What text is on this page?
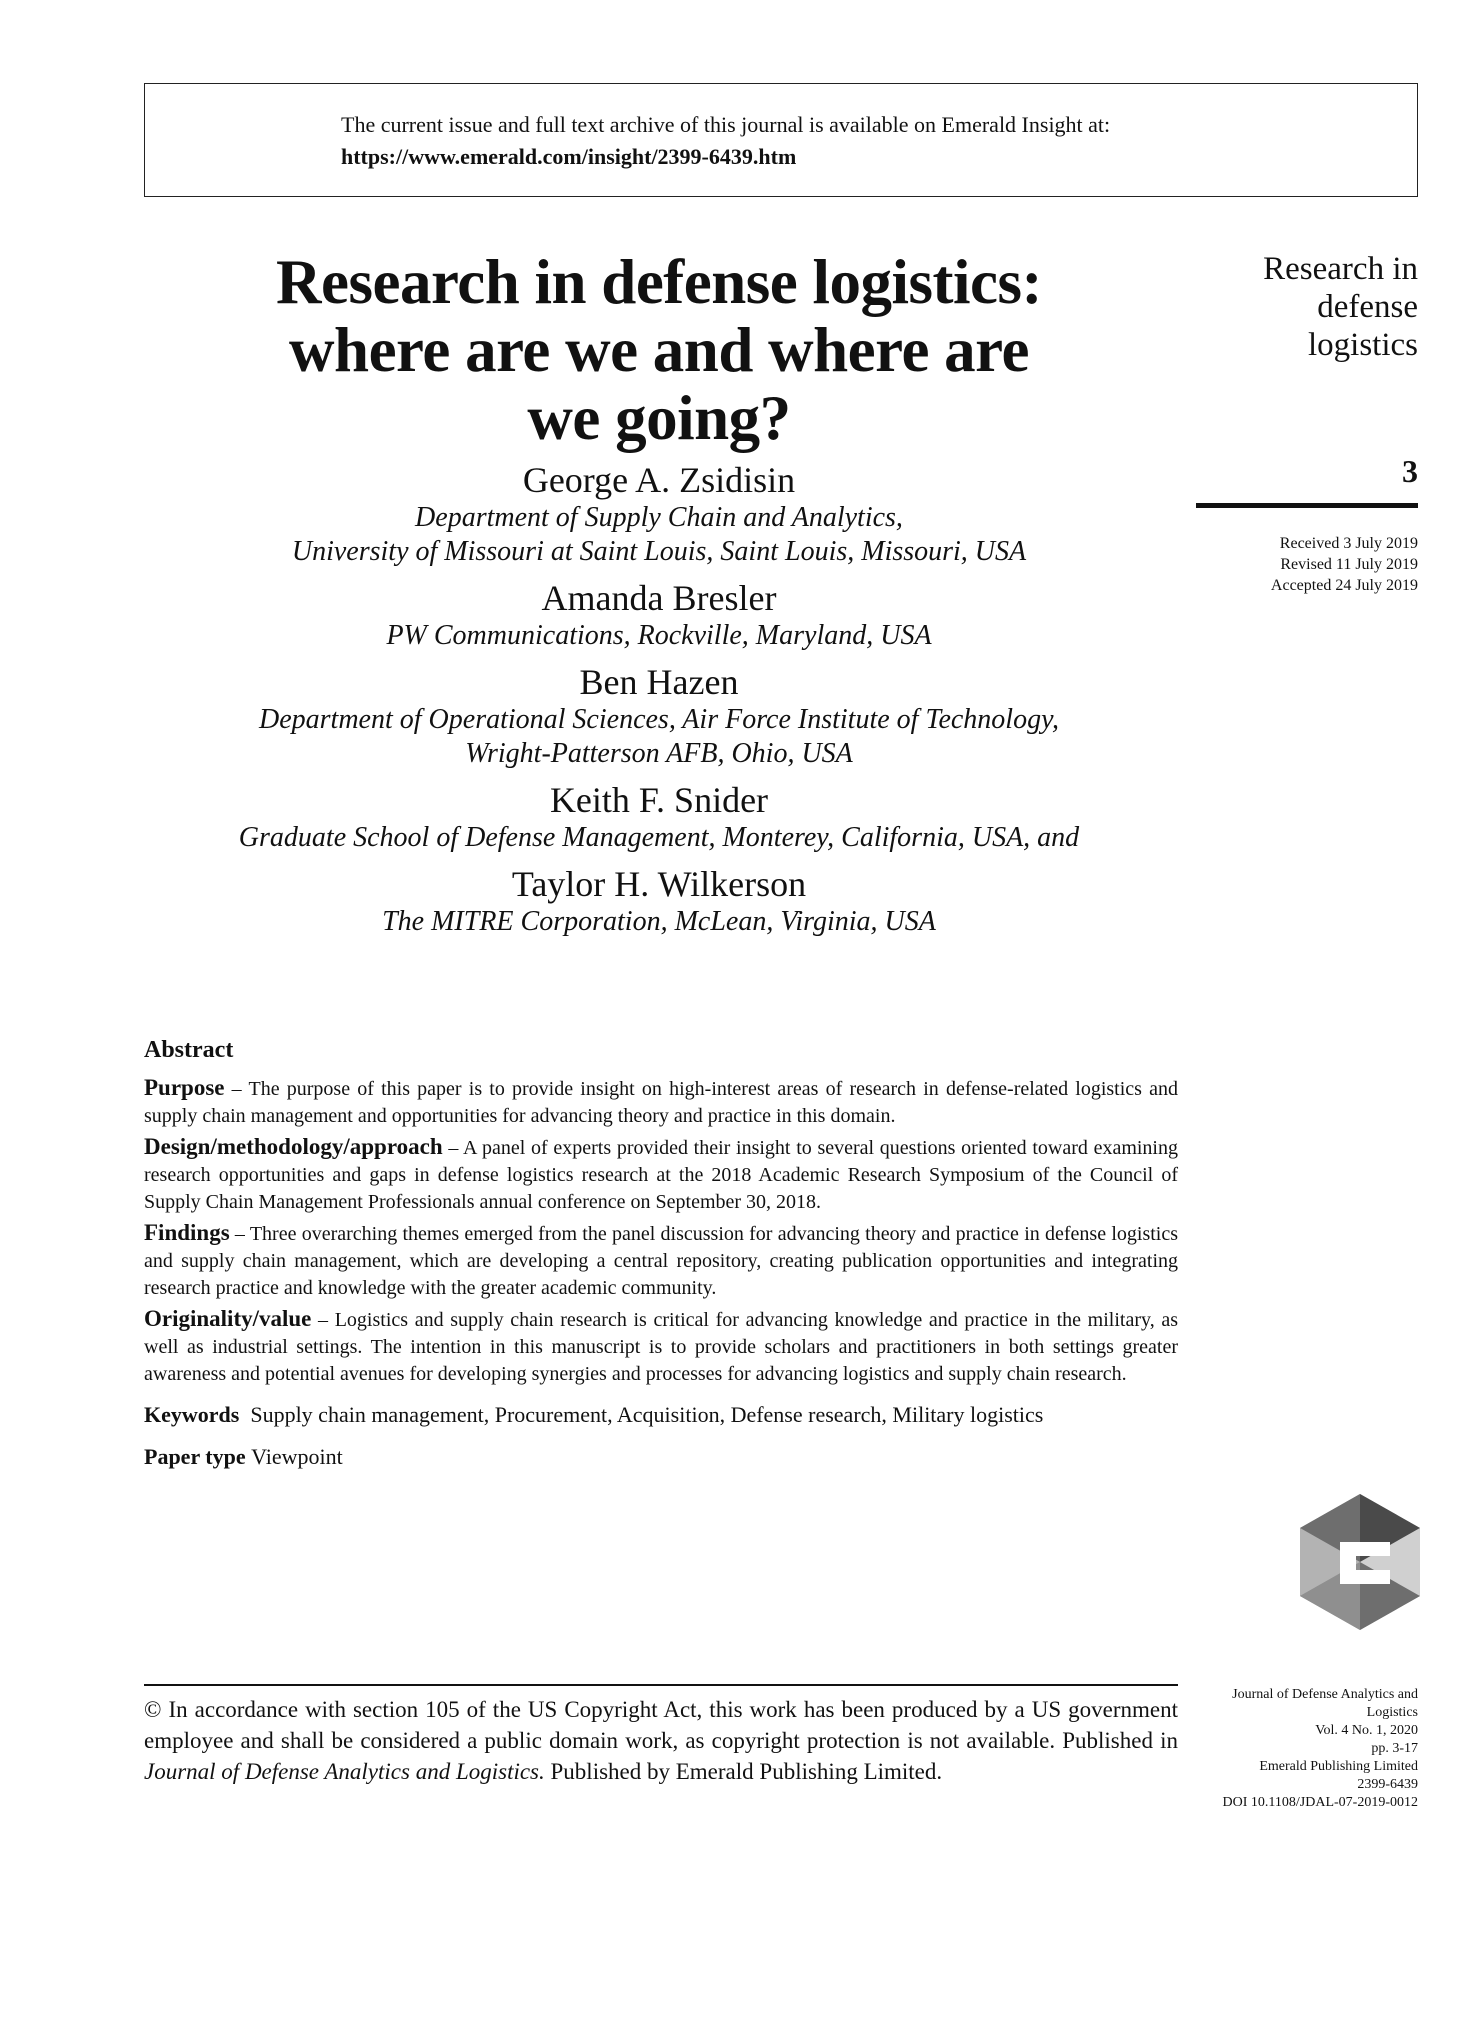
The current issue and full text archive of this journal is available on Emerald Insight at:
https://www.emerald.com/insight/2399-6439.htm
Research in defense logistics:
where are we and where are
we going?
George A. Zsidisin
Department of Supply Chain and Analytics,
University of Missouri at Saint Louis, Saint Louis, Missouri, USA
Amanda Bresler
PW Communications, Rockville, Maryland, USA
Ben Hazen
Department of Operational Sciences, Air Force Institute of Technology,
Wright-Patterson AFB, Ohio, USA
Keith F. Snider
Graduate School of Defense Management, Monterey, California, USA, and
Taylor H. Wilkerson
The MITRE Corporation, McLean, Virginia, USA
Research in
defense
logistics
3
Received 3 July 2019
Revised 11 July 2019
Accepted 24 July 2019
Abstract
Purpose – The purpose of this paper is to provide insight on high-interest areas of research in defense-related logistics and supply chain management and opportunities for advancing theory and practice in this domain.
Design/methodology/approach – A panel of experts provided their insight to several questions oriented toward examining research opportunities and gaps in defense logistics research at the 2018 Academic Research Symposium of the Council of Supply Chain Management Professionals annual conference on September 30, 2018.
Findings – Three overarching themes emerged from the panel discussion for advancing theory and practice in defense logistics and supply chain management, which are developing a central repository, creating publication opportunities and integrating research practice and knowledge with the greater academic community.
Originality/value – Logistics and supply chain research is critical for advancing knowledge and practice in the military, as well as industrial settings. The intention in this manuscript is to provide scholars and practitioners in both settings greater awareness and potential avenues for developing synergies and processes for advancing logistics and supply chain research.
Keywords Supply chain management, Procurement, Acquisition, Defense research, Military logistics
Paper type Viewpoint
© In accordance with section 105 of the US Copyright Act, this work has been produced by a US government employee and shall be considered a public domain work, as copyright protection is not available. Published in Journal of Defense Analytics and Logistics. Published by Emerald Publishing Limited.
Journal of Defense Analytics and
Logistics
Vol. 4 No. 1, 2020
pp. 3-17
Emerald Publishing Limited
2399-6439
DOI 10.1108/JDAL-07-2019-0012
